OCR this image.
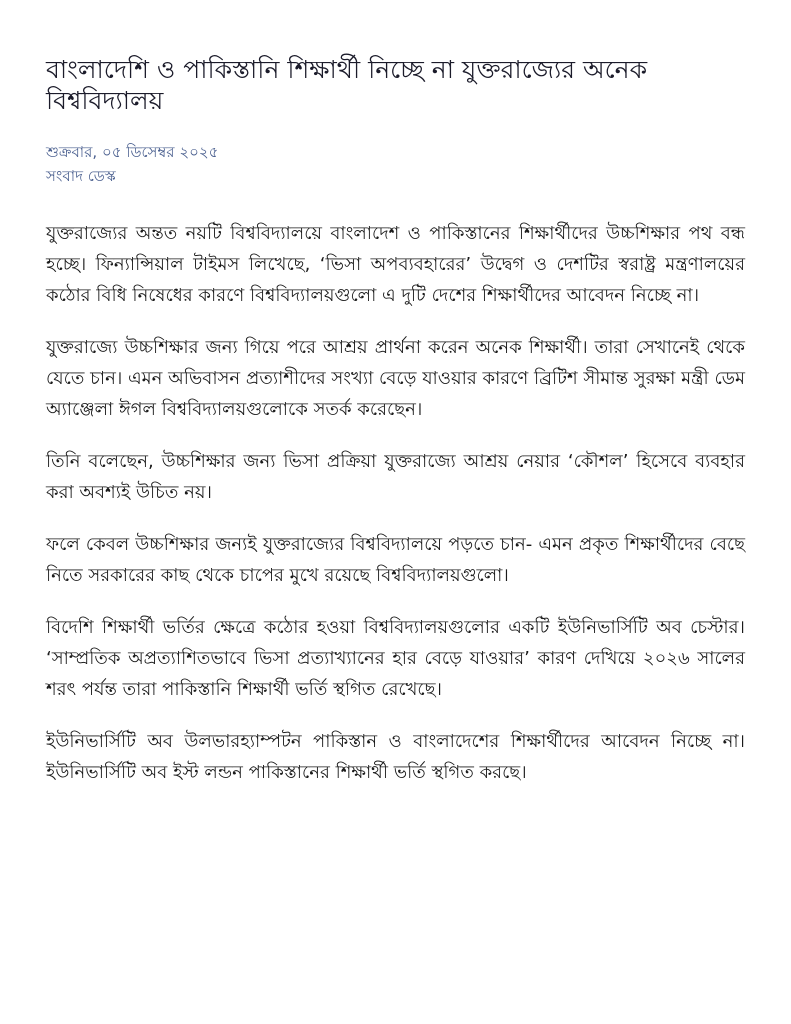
বাংলাদেশি ও পাকিস্তানি শিক্ষার্থী নিচ্ছে না যুক্তরাজ্যের অনেক বিশ্ববিদ্যালয়
শুক্রবার, ০৫ ডিসেম্বর ২০২৫
সংবাদ ডেস্ক

যুক্তরাজ্যের অন্তত নয়টি বিশ্ববিদ্যালয়ে বাংলাদেশ ও পাকিস্তানের শিক্ষার্থীদের উচ্চশিক্ষার পথ বন্ধ হচ্ছে। ফিন্যান্সিয়াল টাইমস লিখেছে, ‘ভিসা অপব্যবহারের’ উদ্বেগ ও দেশটির স্বরাষ্ট্র মন্ত্রণালয়ের কঠোর বিধি নিষেধের কারণে বিশ্ববিদ্যালয়গুলো এ দুটি দেশের শিক্ষার্থীদের আবেদন নিচ্ছে না।

যুক্তরাজ্যে উচ্চশিক্ষার জন্য গিয়ে পরে আশ্রয় প্রার্থনা করেন অনেক শিক্ষার্থী। তারা সেখানেই থেকে যেতে চান। এমন অভিবাসন প্রত্যাশীদের সংখ্যা বেড়ে যাওয়ার কারণে ব্রিটিশ সীমান্ত সুরক্ষা মন্ত্রী ডেম অ্যাঞ্জেলা ঈগল বিশ্ববিদ্যালয়গুলোকে সতর্ক করেছেন।

তিনি বলেছেন, উচ্চশিক্ষার জন্য ভিসা প্রক্রিয়া যুক্তরাজ্যে আশ্রয় নেয়ার ‘কৌশল’ হিসেবে ব্যবহার করা অবশ্যই উচিত নয়।

ফলে কেবল উচ্চশিক্ষার জন্যই যুক্তরাজ্যের বিশ্ববিদ্যালয়ে পড়তে চান- এমন প্রকৃত শিক্ষার্থীদের বেছে নিতে সরকারের কাছ থেকে চাপের মুখে রয়েছে বিশ্ববিদ্যালয়গুলো।

বিদেশি শিক্ষার্থী ভর্তির ক্ষেত্রে কঠোর হওয়া বিশ্ববিদ্যালয়গুলোর একটি ইউনিভার্সিটি অব চেস্টার। ‘সাম্প্রতিক অপ্রত্যাশিতভাবে ভিসা প্রত্যাখ্যানের হার বেড়ে যাওয়ার’ কারণ দেখিয়ে ২০২৬ সালের শরৎ পর্যন্ত তারা পাকিস্তানি শিক্ষার্থী ভর্তি স্থগিত রেখেছে।

ইউনিভার্সিটি অব উলভারহ্যাম্পটন পাকিস্তান ও বাংলাদেশের শিক্ষার্থীদের আবেদন নিচ্ছে না। ইউনিভার্সিটি অব ইস্ট লন্ডন পাকিস্তানের শিক্ষার্থী ভর্তি স্থগিত করছে।
